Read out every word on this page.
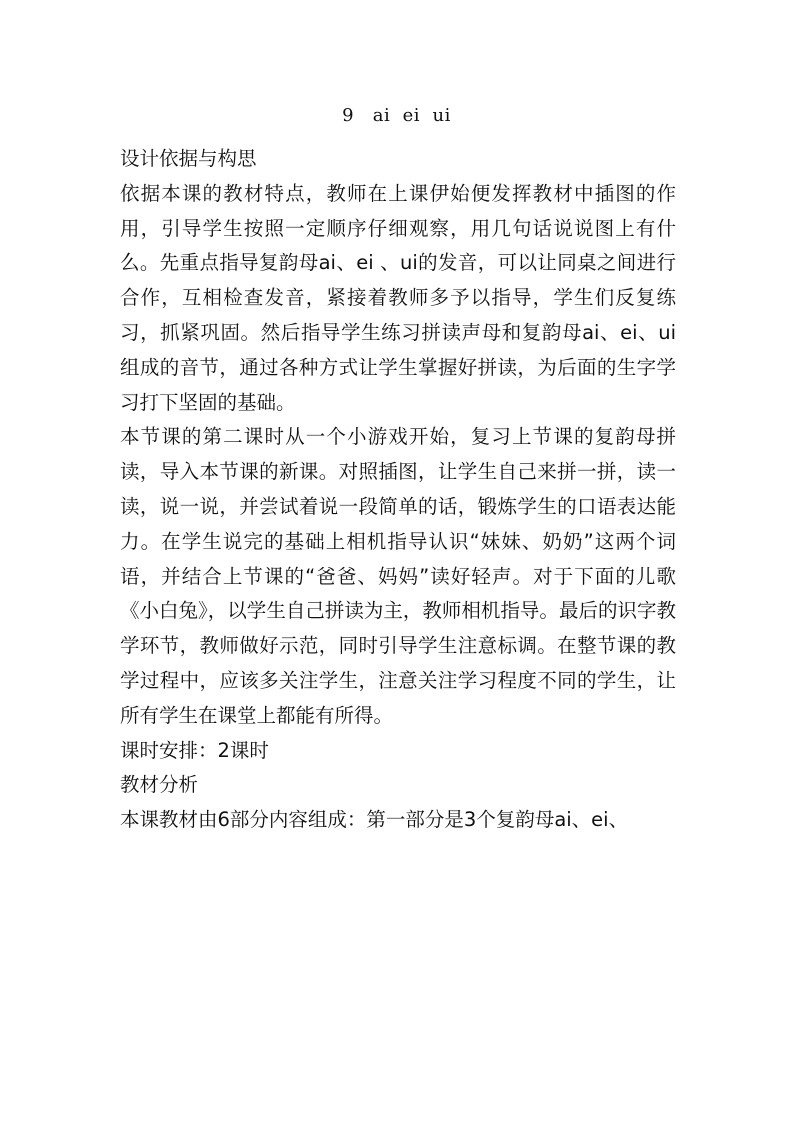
9   ai  ei  ui

设计依据与构思

依据本课的教材特点，教师在上课伊始便发挥教材中插图的作用，引导学生按照一定顺序仔细观察，用几句话说说图上有什么。先重点指导复韵母ai、ei 、ui的发音，可以让同桌之间进行合作，互相检查发音，紧接着教师多予以指导，学生们反复练习，抓紧巩固。然后指导学生练习拼读声母和复韵母ai、ei、ui组成的音节，通过各种方式让学生掌握好拼读，为后面的生字学习打下坚固的基础。

本节课的第二课时从一个小游戏开始，复习上节课的复韵母拼读，导入本节课的新课。对照插图，让学生自己来拼一拼，读一读，说一说，并尝试着说一段简单的话，锻炼学生的口语表达能力。在学生说完的基础上相机指导认识“妹妹、奶奶”这两个词语，并结合上节课的“爸爸、妈妈”读好轻声。对于下面的儿歌《小白兔》，以学生自己拼读为主，教师相机指导。最后的识字教学环节，教师做好示范，同时引导学生注意标调。在整节课的教学过程中，应该多关注学生，注意关注学习程度不同的学生，让所有学生在课堂上都能有所得。

课时安排：2课时

教材分析

本课教材由6部分内容组成：第一部分是3个复韵母ai、ei、
